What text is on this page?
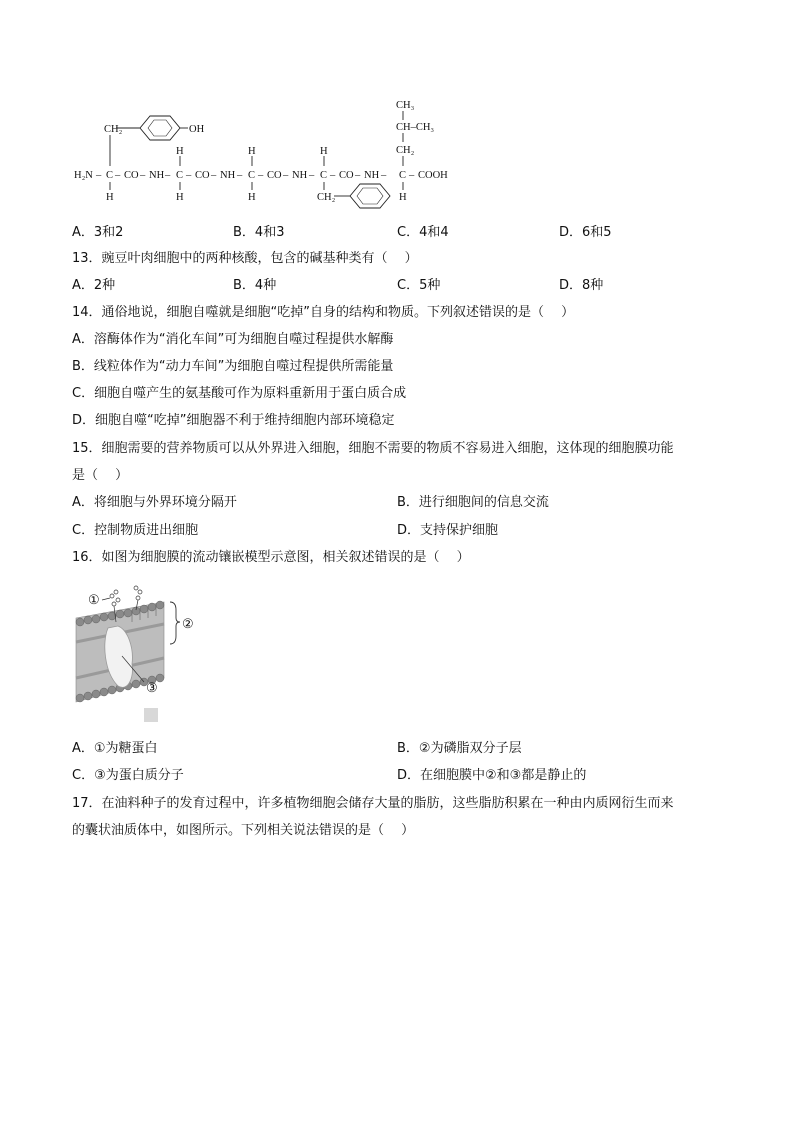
CH₂	OH
CH₃
CH–CH₃
CH₂
H	H	H
H₂N – C – CO – NH – C – CO – NH – C – CO – NH – C – CO – NH – C – COOH
H	H	H	CH₂	H
A．3和2	B．4和3	C．4和4	D．6和5
13．豌豆叶肉细胞中的两种核酸，包含的碱基种类有（　 ）
A．2种	B．4种	C．5种	D．8种
14．通俗地说，细胞自噬就是细胞“吃掉”自身的结构和物质。下列叙述错误的是（　 ）
A．溶酶体作为“消化车间”可为细胞自噬过程提供水解酶
B．线粒体作为“动力车间”为细胞自噬过程提供所需能量
C．细胞自噬产生的氨基酸可作为原料重新用于蛋白质合成
D．细胞自噬“吃掉”细胞器不利于维持细胞内部环境稳定
15．细胞需要的营养物质可以从外界进入细胞，细胞不需要的物质不容易进入细胞，这体现的细胞膜功能
是（　 ）
A．将细胞与外界环境分隔开	B．进行细胞间的信息交流
C．控制物质进出细胞	D．支持保护细胞
16．如图为细胞膜的流动镶嵌模型示意图，相关叙述错误的是（　 ）
①
②
③
A．①为糖蛋白	B．②为磷脂双分子层
C．③为蛋白质分子	D．在细胞膜中②和③都是静止的
17．在油料种子的发育过程中，许多植物细胞会储存大量的脂肪，这些脂肪积累在一种由内质网衍生而来
的囊状油质体中，如图所示。下列相关说法错误的是（　 ）
